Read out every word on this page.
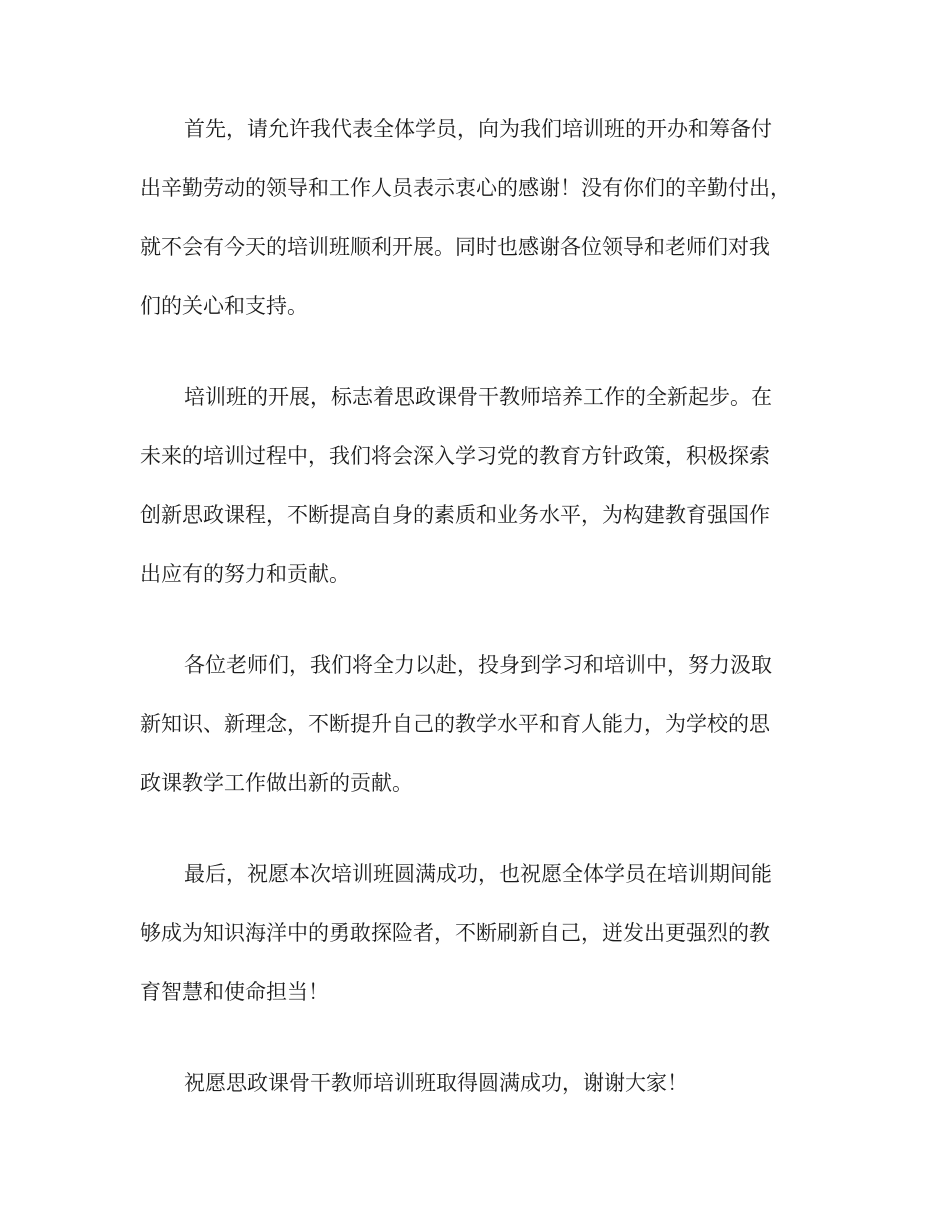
首先，请允许我代表全体学员，向为我们培训班的开办和筹备付
出辛勤劳动的领导和工作人员表示衷心的感谢！没有你们的辛勤付出，
就不会有今天的培训班顺利开展。同时也感谢各位领导和老师们对我
们的关心和支持。

培训班的开展，标志着思政课骨干教师培养工作的全新起步。在
未来的培训过程中，我们将会深入学习党的教育方针政策，积极探索
创新思政课程，不断提高自身的素质和业务水平，为构建教育强国作
出应有的努力和贡献。

各位老师们，我们将全力以赴，投身到学习和培训中，努力汲取
新知识、新理念，不断提升自己的教学水平和育人能力，为学校的思
政课教学工作做出新的贡献。

最后，祝愿本次培训班圆满成功，也祝愿全体学员在培训期间能
够成为知识海洋中的勇敢探险者，不断刷新自己，迸发出更强烈的教
育智慧和使命担当！

祝愿思政课骨干教师培训班取得圆满成功，谢谢大家！
